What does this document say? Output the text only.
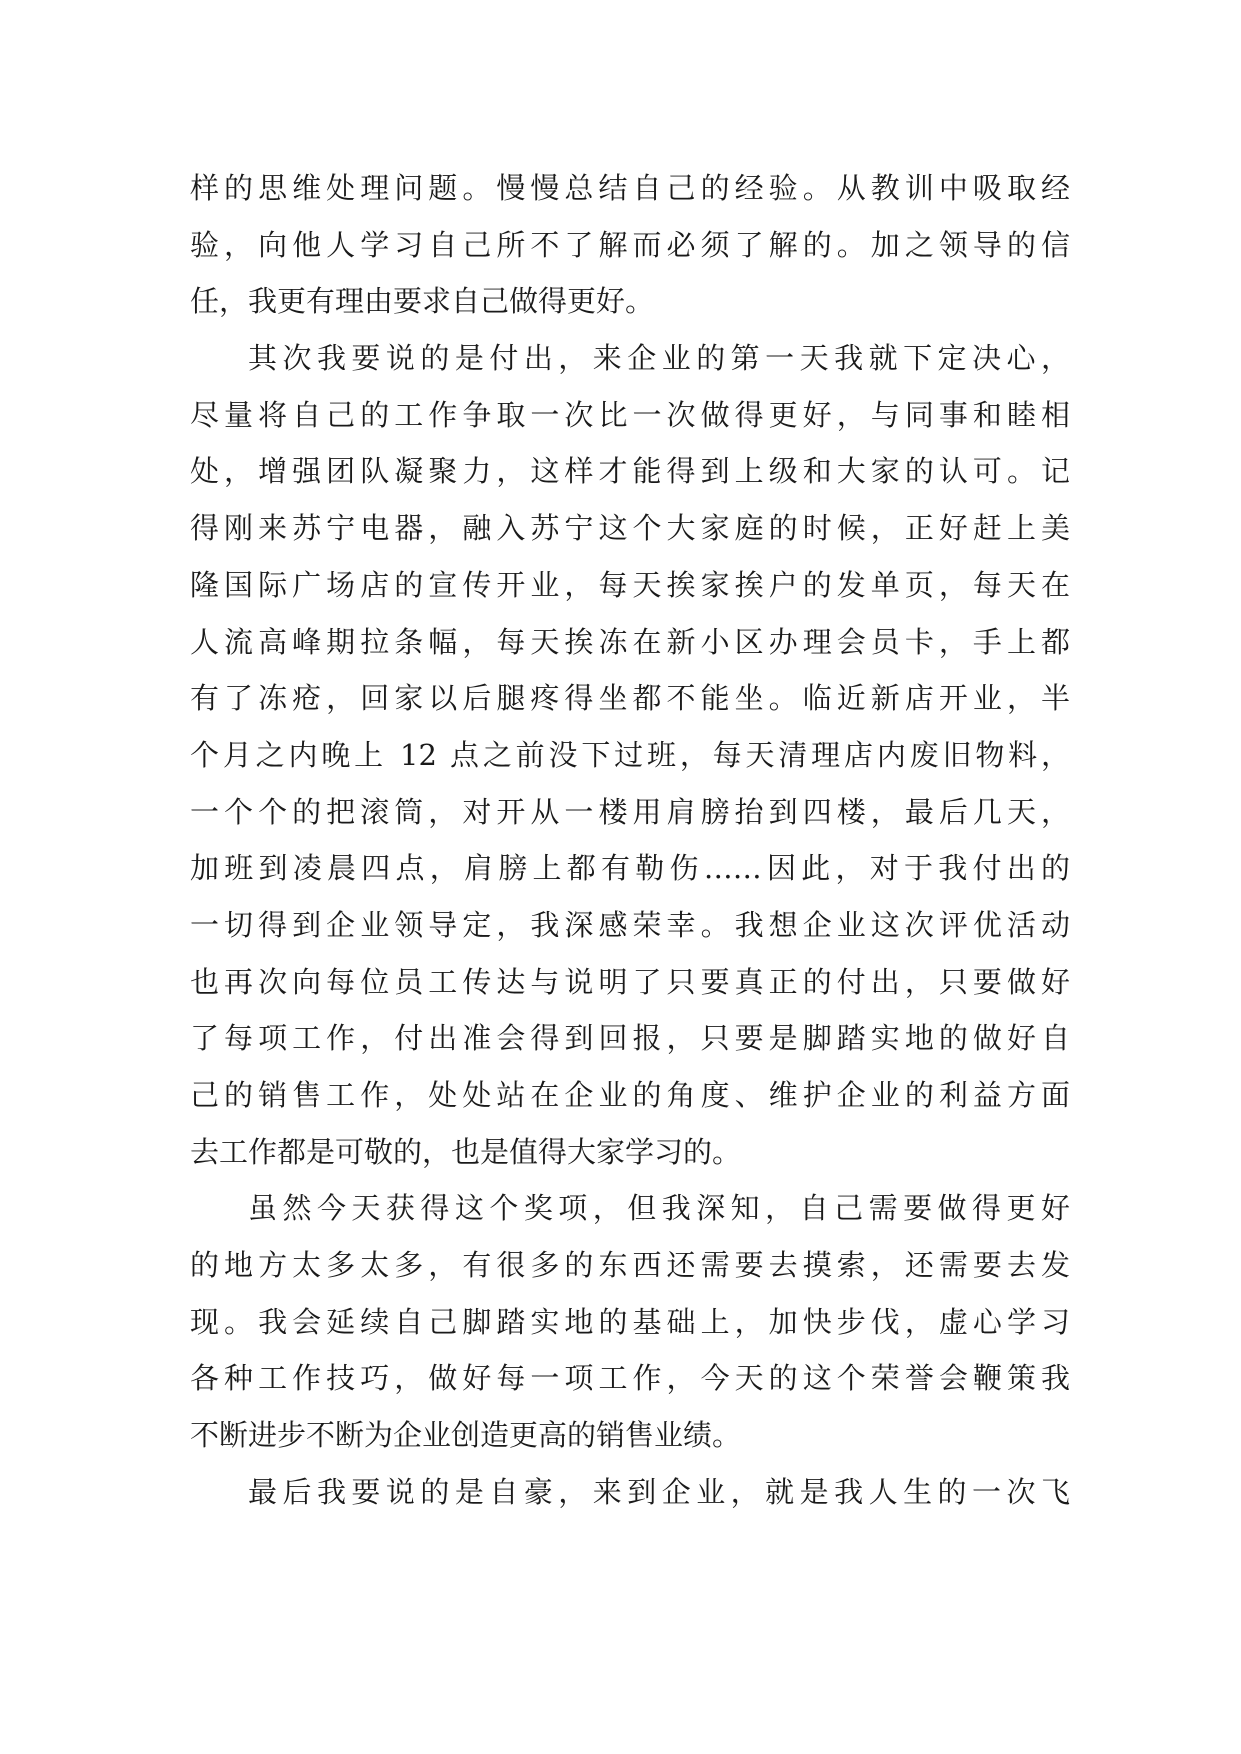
样的思维处理问题。慢慢总结自己的经验。从教训中吸取经
验，向他人学习自己所不了解而必须了解的。加之领导的信
任，我更有理由要求自己做得更好。
其次我要说的是付出，来企业的第一天我就下定决心，
尽量将自己的工作争取一次比一次做得更好，与同事和睦相
处，增强团队凝聚力，这样才能得到上级和大家的认可。记
得刚来苏宁电器，融入苏宁这个大家庭的时候，正好赶上美
隆国际广场店的宣传开业，每天挨家挨户的发单页，每天在
人流高峰期拉条幅，每天挨冻在新小区办理会员卡，手上都
有了冻疮，回家以后腿疼得坐都不能坐。临近新店开业，半
个月之内晚上 12 点之前没下过班，每天清理店内废旧物料，
一个个的把滚筒，对开从一楼用肩膀抬到四楼，最后几天，
加班到凌晨四点，肩膀上都有勒伤……因此，对于我付出的
一切得到企业领导定，我深感荣幸。我想企业这次评优活动
也再次向每位员工传达与说明了只要真正的付出，只要做好
了每项工作，付出准会得到回报，只要是脚踏实地的做好自
己的销售工作，处处站在企业的角度、维护企业的利益方面
去工作都是可敬的，也是值得大家学习的。
虽然今天获得这个奖项，但我深知，自己需要做得更好
的地方太多太多，有很多的东西还需要去摸索，还需要去发
现。我会延续自己脚踏实地的基础上，加快步伐，虚心学习
各种工作技巧，做好每一项工作，今天的这个荣誉会鞭策我
不断进步不断为企业创造更高的销售业绩。
最后我要说的是自豪，来到企业，就是我人生的一次飞
